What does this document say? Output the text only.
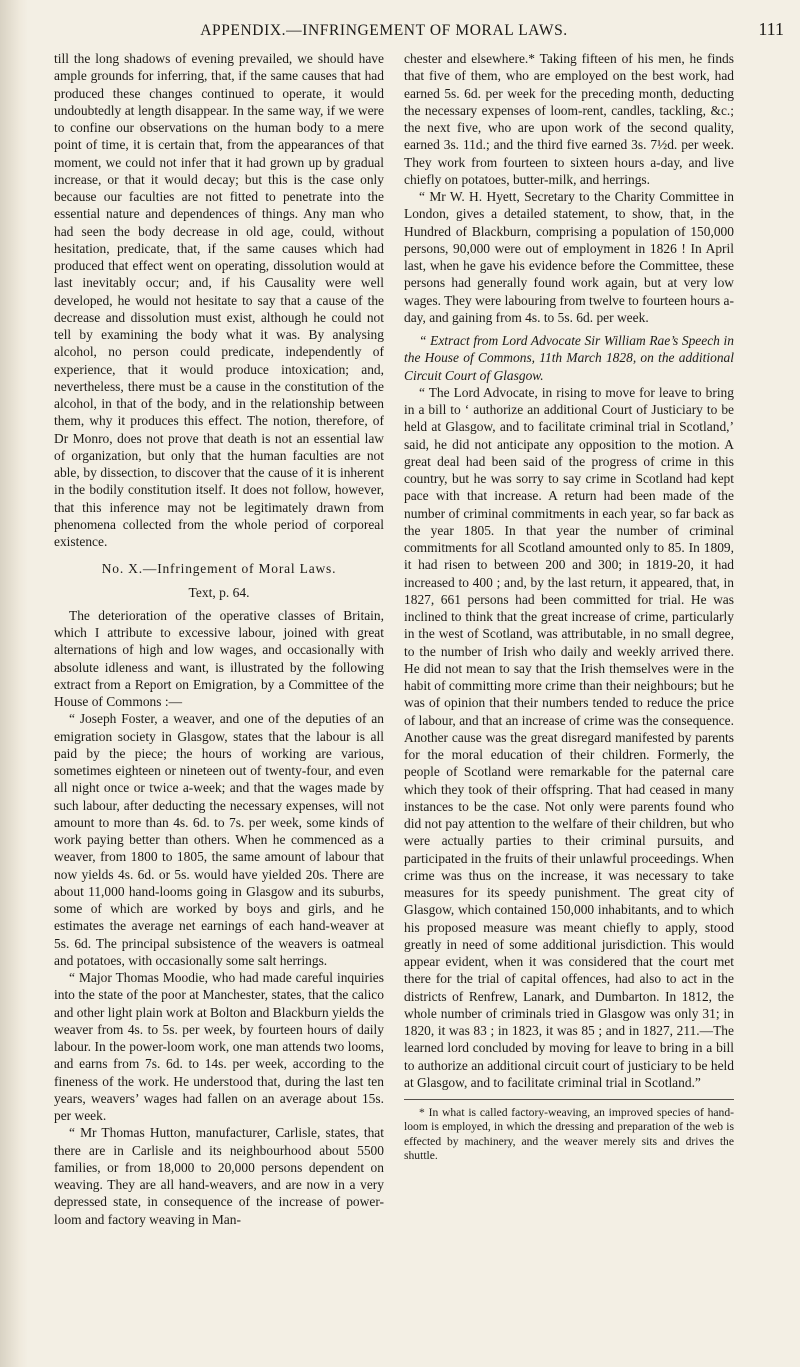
APPENDIX.—INFRINGEMENT OF MORAL LAWS.	111

till the long shadows of evening prevailed, we should have ample grounds for inferring, that, if the same causes that had produced these changes continued to operate, it would undoubtedly at length disappear. In the same way, if we were to confine our observations on the human body to a mere point of time, it is certain that, from the appearances of that moment, we could not infer that it had grown up by gradual increase, or that it would decay; but this is the case only because our faculties are not fitted to penetrate into the essential nature and dependences of things. Any man who had seen the body decrease in old age, could, without hesitation, predicate, that, if the same causes which had produced that effect went on operating, dissolution would at last inevitably occur; and, if his Causality were well developed, he would not hesitate to say that a cause of the decrease and dissolution must exist, although he could not tell by examining the body what it was. By analysing alcohol, no person could predicate, independently of experience, that it would produce intoxication; and, nevertheless, there must be a cause in the constitution of the alcohol, in that of the body, and in the relationship between them, why it produces this effect. The notion, therefore, of Dr Monro, does not prove that death is not an essential law of organization, but only that the human faculties are not able, by dissection, to discover that the cause of it is inherent in the bodily constitution itself. It does not follow, however, that this inference may not be legitimately drawn from phenomena collected from the whole period of corporeal existence.

No. X.—Infringement of Moral Laws.
Text, p. 64.

The deterioration of the operative classes of Britain, which I attribute to excessive labour, joined with great alternations of high and low wages, and occasionally with absolute idleness and want, is illustrated by the following extract from a Report on Emigration, by a Committee of the House of Commons :—

“ Joseph Foster, a weaver, and one of the deputies of an emigration society in Glasgow, states that the labour is all paid by the piece; the hours of working are various, sometimes eighteen or nineteen out of twenty-four, and even all night once or twice a-week; and that the wages made by such labour, after deducting the necessary expenses, will not amount to more than 4s. 6d. to 7s. per week, some kinds of work paying better than others. When he commenced as a weaver, from 1800 to 1805, the same amount of labour that now yields 4s. 6d. or 5s. would have yielded 20s. There are about 11,000 hand-looms going in Glasgow and its suburbs, some of which are worked by boys and girls, and he estimates the average net earnings of each hand-weaver at 5s. 6d. The principal subsistence of the weavers is oatmeal and potatoes, with occasionally some salt herrings.

“ Major Thomas Moodie, who had made careful inquiries into the state of the poor at Manchester, states, that the calico and other light plain work at Bolton and Blackburn yields the weaver from 4s. to 5s. per week, by fourteen hours of daily labour. In the power-loom work, one man attends two looms, and earns from 7s. 6d. to 14s. per week, according to the fineness of the work. He understood that, during the last ten years, weavers’ wages had fallen on an average about 15s. per week.

“ Mr Thomas Hutton, manufacturer, Carlisle, states, that there are in Carlisle and its neighbourhood about 5500 families, or from 18,000 to 20,000 persons dependent on weaving. They are all hand-weavers, and are now in a very depressed state, in consequence of the increase of power-loom and factory weaving in Man-

chester and elsewhere.* Taking fifteen of his men, he finds that five of them, who are employed on the best work, had earned 5s. 6d. per week for the preceding month, deducting the necessary expenses of loom-rent, candles, tackling, &c.; the next five, who are upon work of the second quality, earned 3s. 11d.; and the third five earned 3s. 7½d. per week. They work from fourteen to sixteen hours a-day, and live chiefly on potatoes, butter-milk, and herrings.

“ Mr W. H. Hyett, Secretary to the Charity Committee in London, gives a detailed statement, to show, that, in the Hundred of Blackburn, comprising a population of 150,000 persons, 90,000 were out of employment in 1826 ! In April last, when he gave his evidence before the Committee, these persons had generally found work again, but at very low wages. They were labouring from twelve to fourteen hours a-day, and gaining from 4s. to 5s. 6d. per week.

“ Extract from Lord Advocate Sir William Rae’s Speech in the House of Commons, 11th March 1828, on the additional Circuit Court of Glasgow.

“ The Lord Advocate, in rising to move for leave to bring in a bill to ‘ authorize an additional Court of Justiciary to be held at Glasgow, and to facilitate criminal trial in Scotland,’ said, he did not anticipate any opposition to the motion. A great deal had been said of the progress of crime in this country, but he was sorry to say crime in Scotland had kept pace with that increase. A return had been made of the number of criminal commitments in each year, so far back as the year 1805. In that year the number of criminal commitments for all Scotland amounted only to 85. In 1809, it had risen to between 200 and 300; in 1819-20, it had increased to 400 ; and, by the last return, it appeared, that, in 1827, 661 persons had been committed for trial. He was inclined to think that the great increase of crime, particularly in the west of Scotland, was attributable, in no small degree, to the number of Irish who daily and weekly arrived there. He did not mean to say that the Irish themselves were in the habit of committing more crime than their neighbours; but he was of opinion that their numbers tended to reduce the price of labour, and that an increase of crime was the consequence. Another cause was the great disregard manifested by parents for the moral education of their children. Formerly, the people of Scotland were remarkable for the paternal care which they took of their offspring. That had ceased in many instances to be the case. Not only were parents found who did not pay attention to the welfare of their children, but who were actually parties to their criminal pursuits, and participated in the fruits of their unlawful proceedings. When crime was thus on the increase, it was necessary to take measures for its speedy punishment. The great city of Glasgow, which contained 150,000 inhabitants, and to which his proposed measure was meant chiefly to apply, stood greatly in need of some additional jurisdiction. This would appear evident, when it was considered that the court met there for the trial of capital offences, had also to act in the districts of Renfrew, Lanark, and Dumbarton. In 1812, the whole number of criminals tried in Glasgow was only 31; in 1820, it was 83 ; in 1823, it was 85 ; and in 1827, 211.—The learned lord concluded by moving for leave to bring in a bill to authorize an additional circuit court of justiciary to be held at Glasgow, and to facilitate criminal trial in Scotland.”

* In what is called factory-weaving, an improved species of hand-loom is employed, in which the dressing and preparation of the web is effected by machinery, and the weaver merely sits and drives the shuttle.
